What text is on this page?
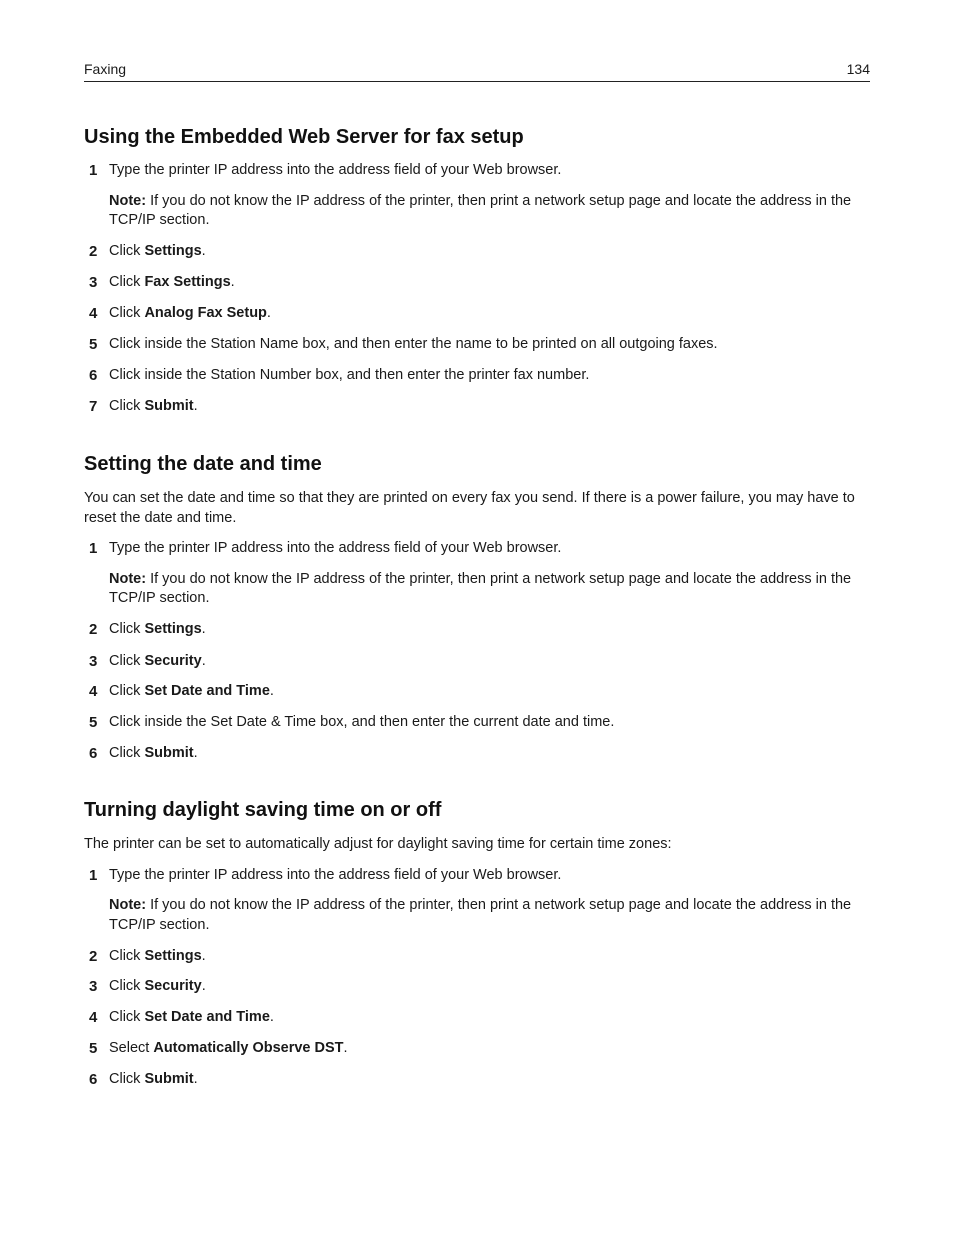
Faxing	134
Using the Embedded Web Server for fax setup
1 Type the printer IP address into the address field of your Web browser.

Note: If you do not know the IP address of the printer, then print a network setup page and locate the address in the TCP/IP section.

2 Click Settings.
3 Click Fax Settings.
4 Click Analog Fax Setup.
5 Click inside the Station Name box, and then enter the name to be printed on all outgoing faxes.
6 Click inside the Station Number box, and then enter the printer fax number.
7 Click Submit.
Setting the date and time

You can set the date and time so that they are printed on every fax you send. If there is a power failure, you may have to reset the date and time.

1 Type the printer IP address into the address field of your Web browser.

Note: If you do not know the IP address of the printer, then print a network setup page and locate the address in the TCP/IP section.

2 Click Settings.
3 Click Security.
4 Click Set Date and Time.
5 Click inside the Set Date & Time box, and then enter the current date and time.
6 Click Submit.
Turning daylight saving time on or off

The printer can be set to automatically adjust for daylight saving time for certain time zones:

1 Type the printer IP address into the address field of your Web browser.

Note: If you do not know the IP address of the printer, then print a network setup page and locate the address in the TCP/IP section.

2 Click Settings.
3 Click Security.
4 Click Set Date and Time.
5 Select Automatically Observe DST.
6 Click Submit.
